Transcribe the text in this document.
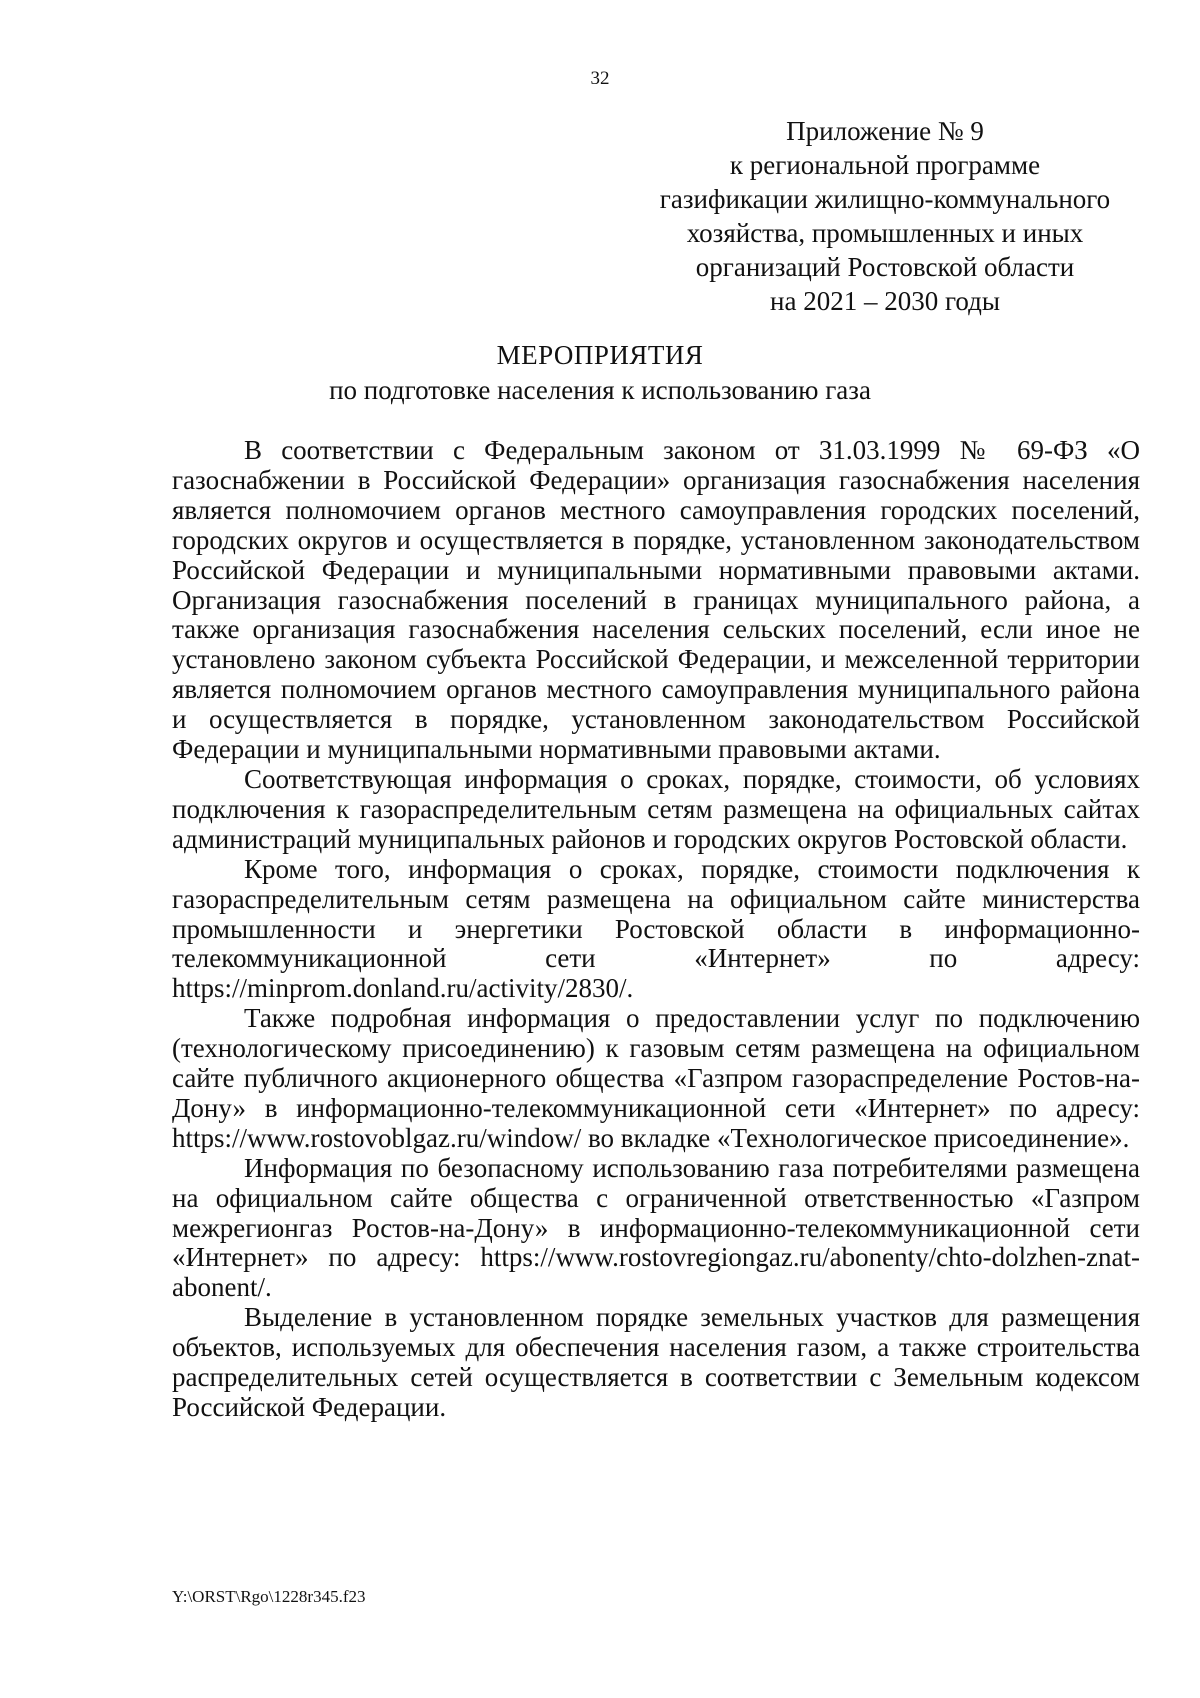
32
Приложение № 9
к региональной программе
газификации жилищно-коммунального
хозяйства, промышленных и иных
организаций Ростовской области
на 2021 – 2030 годы
МЕРОПРИЯТИЯ
по подготовке населения к использованию газа

В соответствии с Федеральным законом от 31.03.1999 № 69-ФЗ «О газоснабжении в Российской Федерации» организация газоснабжения населения является полномочием органов местного самоуправления городских поселений, городских округов и осуществляется в порядке, установленном законодательством Российской Федерации и муниципальными нормативными правовыми актами. Организация газоснабжения поселений в границах муниципального района, а также организация газоснабжения населения сельских поселений, если иное не установлено законом субъекта Российской Федерации, и межселенной территории является полномочием органов местного самоуправления муниципального района и осуществляется в порядке, установленном законодательством Российской Федерации и муниципальными нормативными правовыми актами.

Соответствующая информация о сроках, порядке, стоимости, об условиях подключения к газораспределительным сетям размещена на официальных сайтах администраций муниципальных районов и городских округов Ростовской области.

Кроме того, информация о сроках, порядке, стоимости подключения к газораспределительным сетям размещена на официальном сайте министерства промышленности и энергетики Ростовской области в информационно-телекоммуникационной сети «Интернет» по адресу: https://minprom.donland.ru/activity/2830/.

Также подробная информация о предоставлении услуг по подключению (технологическому присоединению) к газовым сетям размещена на официальном сайте публичного акционерного общества «Газпром газораспределение Ростов-на-Дону» в информационно-телекоммуникационной сети «Интернет» по адресу: https://www.rostovoblgaz.ru/window/ во вкладке «Технологическое присоединение».

Информация по безопасному использованию газа потребителями размещена на официальном сайте общества с ограниченной ответственностью «Газпром межрегионгаз Ростов-на-Дону» в информационно-телекоммуникационной сети «Интернет» по адресу: https://www.rostovregiongaz.ru/abonenty/chto-dolzhen-znat-abonent/.

Выделение в установленном порядке земельных участков для размещения объектов, используемых для обеспечения населения газом, а также строительства распределительных сетей осуществляется в соответствии с Земельным кодексом Российской Федерации.

Y:\ORST\Rgo\1228r345.f23
